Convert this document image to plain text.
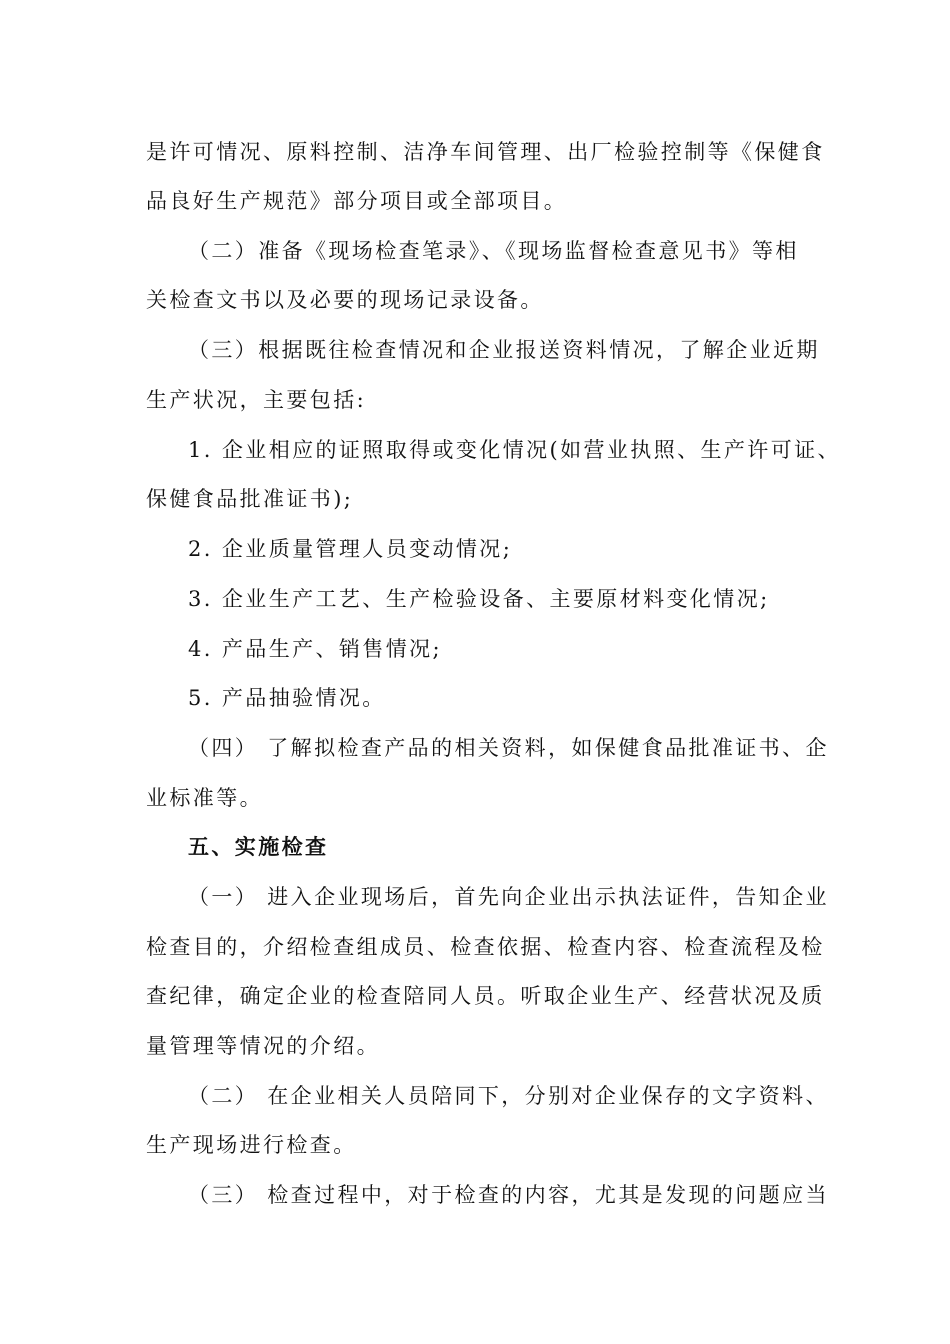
是许可情况、原料控制、洁净车间管理、出厂检验控制等《保健食
品良好生产规范》部分项目或全部项目。
（二）准备《现场检查笔录》、《现场监督检查意见书》等相
关检查文书以及必要的现场记录设备。
（三）根据既往检查情况和企业报送资料情况，了解企业近期
生产状况，主要包括:
1. 企业相应的证照取得或变化情况(如营业执照、生产许可证、
保健食品批准证书);
2. 企业质量管理人员变动情况;
3. 企业生产工艺、生产检验设备、主要原材料变化情况;
4. 产品生产、销售情况;
5. 产品抽验情况。
（四） 了解拟检查产品的相关资料，如保健食品批准证书、企
业标准等。
五、实施检查
（一） 进入企业现场后，首先向企业出示执法证件，告知企业
检查目的，介绍检查组成员、检查依据、检查内容、检查流程及检
查纪律，确定企业的检查陪同人员。听取企业生产、经营状况及质
量管理等情况的介绍。
（二） 在企业相关人员陪同下，分别对企业保存的文字资料、
生产现场进行检查。
（三） 检查过程中，对于检查的内容，尤其是发现的问题应当
